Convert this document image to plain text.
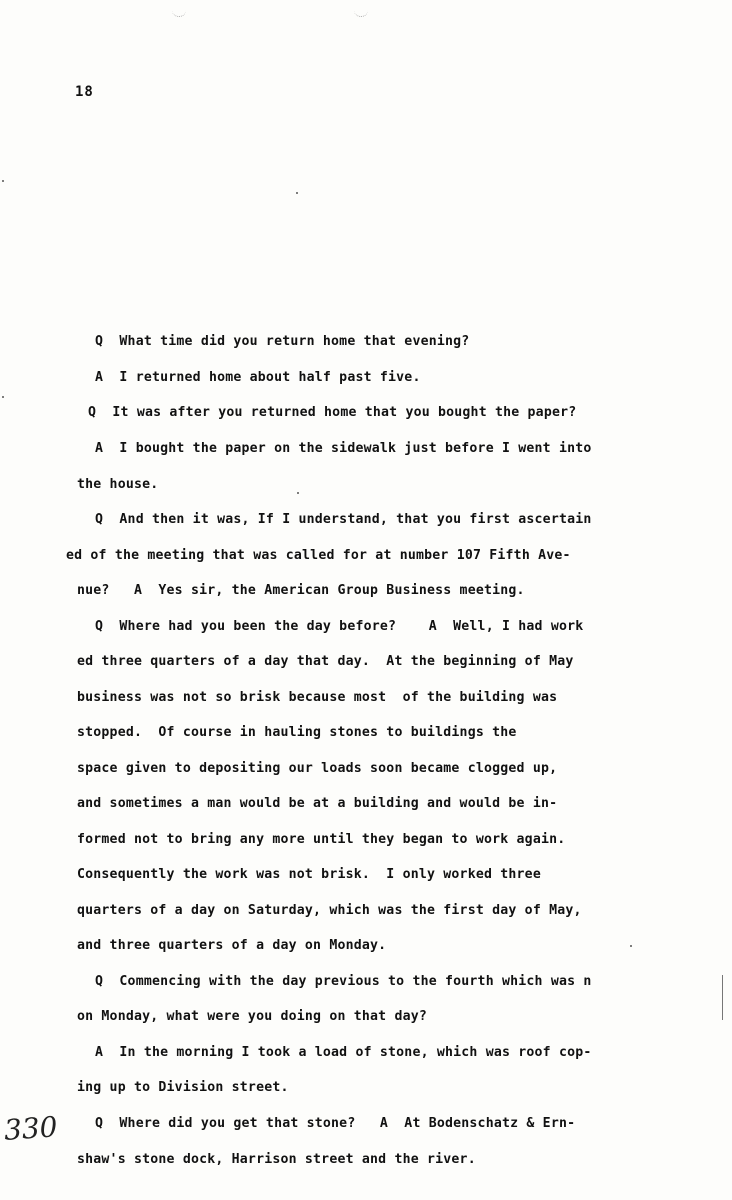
18
Q  What time did you return home that evening?
A  I returned home about half past five.
Q  It was after you returned home that you bought the paper?
A  I bought the paper on the sidewalk just before I went into
the house.
Q  And then it was, If I understand, that you first ascertain
ed of the meeting that was called for at number 107 Fifth Ave-
nue?   A  Yes sir, the American Group Business meeting.
Q  Where had you been the day before?    A  Well, I had work
ed three quarters of a day that day.  At the beginning of May
business was not so brisk because most  of the building was
stopped.  Of course in hauling stones to buildings the
space given to depositing our loads soon became clogged up,
and sometimes a man would be at a building and would be in-
formed not to bring any more until they began to work again.
Consequently the work was not brisk.  I only worked three
quarters of a day on Saturday, which was the first day of May,
and three quarters of a day on Monday.
Q  Commencing with the day previous to the fourth which was n
on Monday, what were you doing on that day?
A  In the morning I took a load of stone, which was roof cop-
ing up to Division street.
Q  Where did you get that stone?   A  At Bodenschatz & Ern-
shaw's stone dock, Harrison street and the river.
330
